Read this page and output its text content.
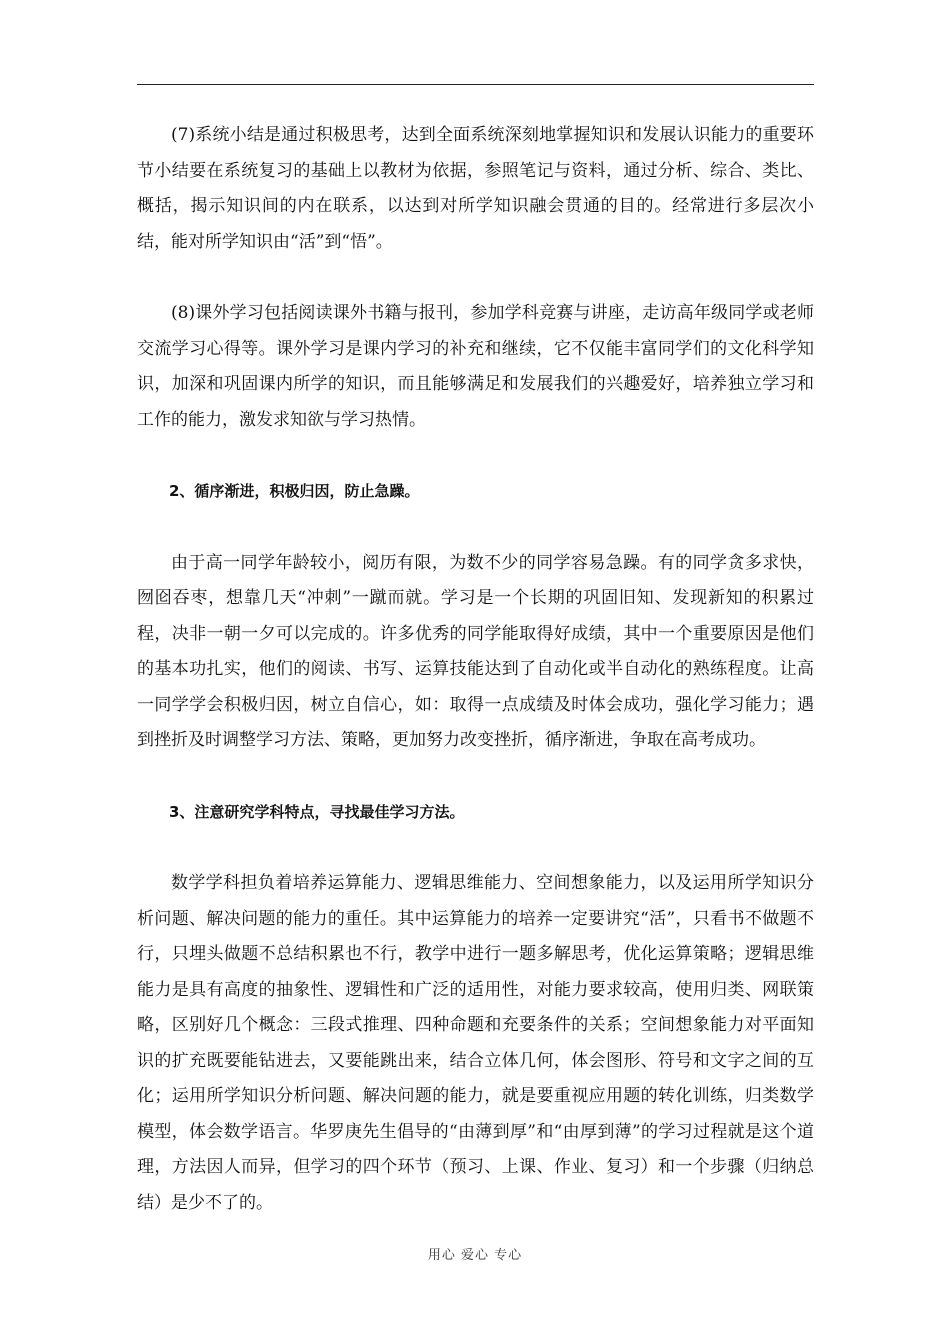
(7)系统小结是通过积极思考，达到全面系统深刻地掌握知识和发展认识能力的重要环节小结要在系统复习的基础上以教材为依据，参照笔记与资料，通过分析、综合、类比、概括，揭示知识间的内在联系，以达到对所学知识融会贯通的目的。经常进行多层次小结，能对所学知识由“活”到“悟”。

(8)课外学习包括阅读课外书籍与报刊，参加学科竞赛与讲座，走访高年级同学或老师交流学习心得等。课外学习是课内学习的补充和继续，它不仅能丰富同学们的文化科学知识，加深和巩固课内所学的知识，而且能够满足和发展我们的兴趣爱好，培养独立学习和工作的能力，激发求知欲与学习热情。

2、循序渐进，积极归因，防止急躁。

由于高一同学年龄较小，阅历有限，为数不少的同学容易急躁。有的同学贪多求快，囫囵吞枣，想靠几天“冲刺”一蹴而就。学习是一个长期的巩固旧知、发现新知的积累过程，决非一朝一夕可以完成的。许多优秀的同学能取得好成绩，其中一个重要原因是他们的基本功扎实，他们的阅读、书写、运算技能达到了自动化或半自动化的熟练程度。让高一同学学会积极归因，树立自信心，如：取得一点成绩及时体会成功，强化学习能力；遇到挫折及时调整学习方法、策略，更加努力改变挫折，循序渐进，争取在高考成功。

3、注意研究学科特点，寻找最佳学习方法。

数学学科担负着培养运算能力、逻辑思维能力、空间想象能力，以及运用所学知识分析问题、解决问题的能力的重任。其中运算能力的培养一定要讲究“活”，只看书不做题不行，只埋头做题不总结积累也不行，教学中进行一题多解思考，优化运算策略；逻辑思维能力是具有高度的抽象性、逻辑性和广泛的适用性，对能力要求较高，使用归类、网联策略，区别好几个概念：三段式推理、四种命题和充要条件的关系；空间想象能力对平面知识的扩充既要能钻进去，又要能跳出来，结合立体几何，体会图形、符号和文字之间的互化；运用所学知识分析问题、解决问题的能力，就是要重视应用题的转化训练，归类数学模型，体会数学语言。华罗庚先生倡导的“由薄到厚”和“由厚到薄”的学习过程就是这个道理，方法因人而异，但学习的四个环节（预习、上课、作业、复习）和一个步骤（归纳总结）是少不了的。

用心 爱心 专心
